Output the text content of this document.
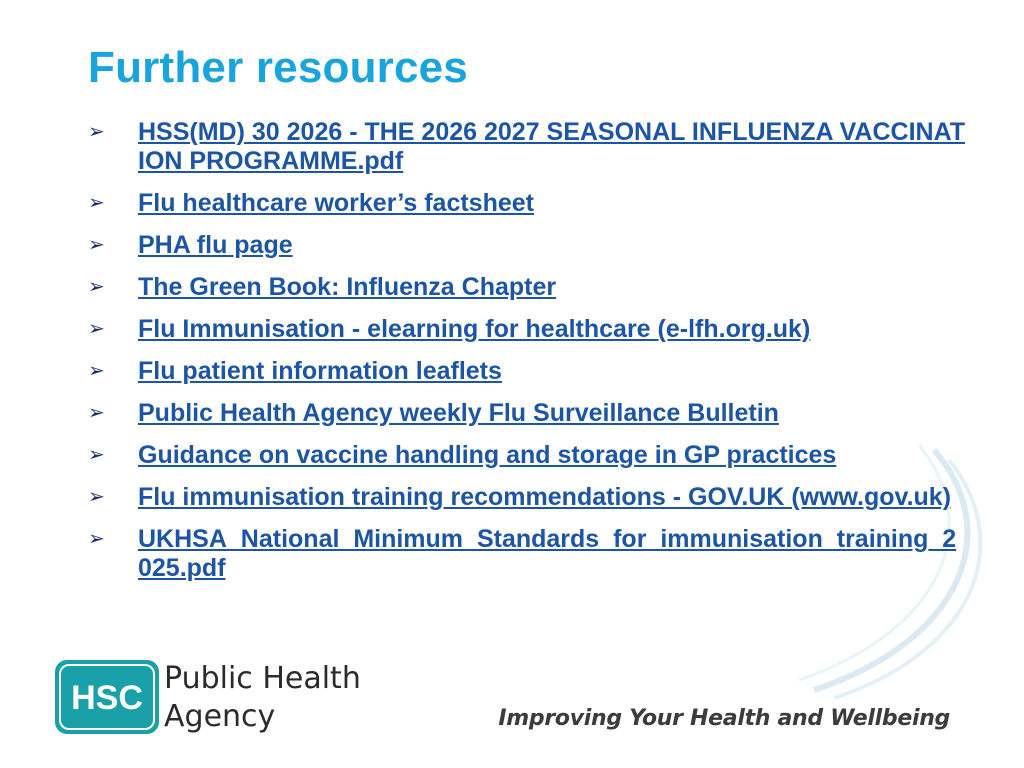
Further resources
➢ HSS(MD) 30 2026 - THE 2026 2027 SEASONAL INFLUENZA VACCINATION PROGRAMME.pdf
➢ Flu healthcare worker’s factsheet
➢ PHA flu page
➢ The Green Book: Influenza Chapter
➢ Flu Immunisation - elearning for healthcare (e-lfh.org.uk)
➢ Flu patient information leaflets
➢ Public Health Agency weekly Flu Surveillance Bulletin
➢ Guidance on vaccine handling and storage in GP practices
➢ Flu immunisation training recommendations - GOV.UK (www.gov.uk)
➢ UKHSA_National_Minimum_Standards_for_immunisation_training_2025.pdf
HSC
Public Health
Agency	Improving Your Health and Wellbeing
